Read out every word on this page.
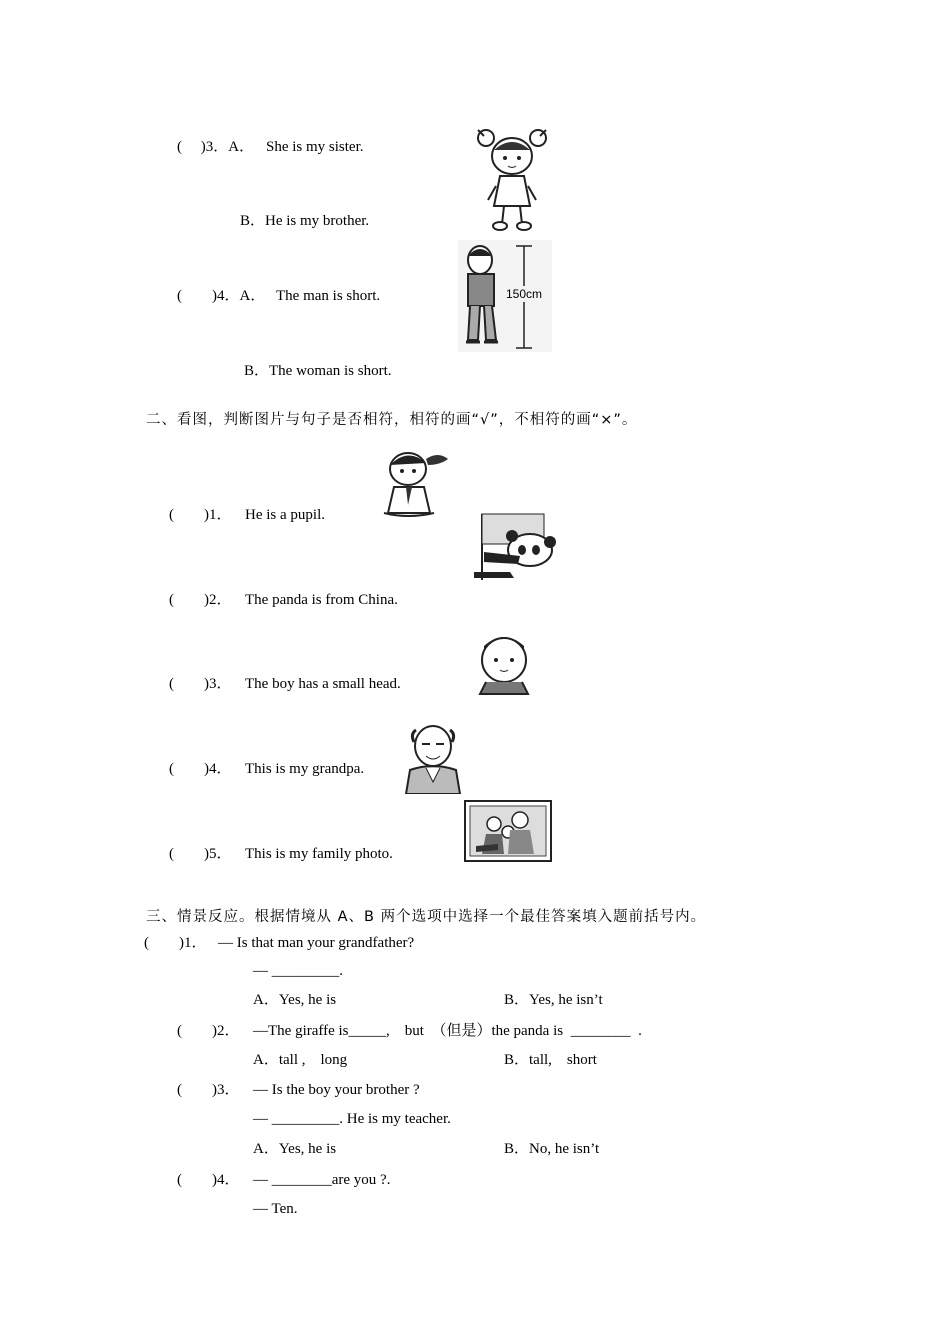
(     )3．A． She is my sister.
B．He is my brother.
(        )4．A． The man is short.
B．The woman is short.
150cm
二、看图，判断图片与句子是否相符，相符的画“√”，不相符的画“×”。
(        )1． He is a pupil.
(        )2． The panda is from China.
(        )3． The boy has a small head.
(        )4． This is my grandpa.
(        )5． This is my family photo.
三、情景反应。根据情境从 A、B 两个选项中选择一个最佳答案填入题前括号内。
(        )1． — Is that man your grandfather?
— _________.
A．Yes, he is	B．Yes, he isn’t
(        )2． —The giraffe is_____,    but  （但是）the panda is  ________  .
A．tall ,    long	B．tall,    short
(        )3． — Is the boy your brother ?
— _________. He is my teacher.
A．Yes, he is	B．No, he isn’t
(        )4． — ________are you ?.
— Ten.
